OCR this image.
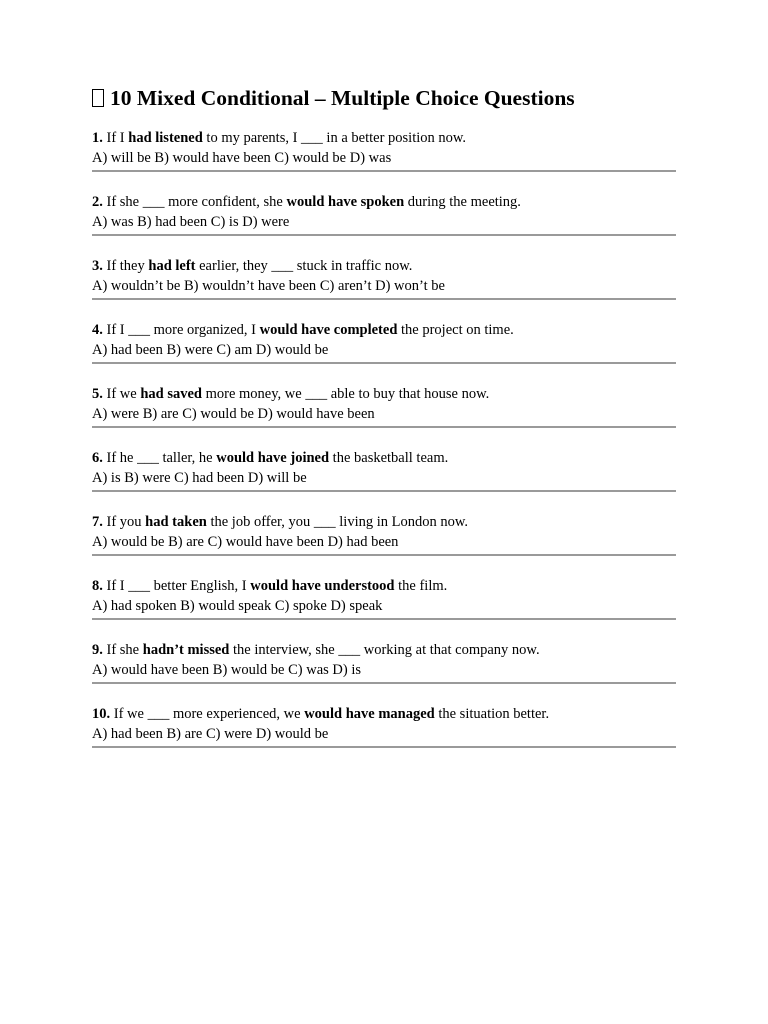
10 Mixed Conditional – Multiple Choice Questions
1. If I had listened to my parents, I ___ in a better position now.
A) will be B) would have been C) would be D) was
2. If she ___ more confident, she would have spoken during the meeting.
A) was B) had been C) is D) were
3. If they had left earlier, they ___ stuck in traffic now.
A) wouldn’t be B) wouldn’t have been C) aren’t D) won’t be
4. If I ___ more organized, I would have completed the project on time.
A) had been B) were C) am D) would be
5. If we had saved more money, we ___ able to buy that house now.
A) were B) are C) would be D) would have been
6. If he ___ taller, he would have joined the basketball team.
A) is B) were C) had been D) will be
7. If you had taken the job offer, you ___ living in London now.
A) would be B) are C) would have been D) had been
8. If I ___ better English, I would have understood the film.
A) had spoken B) would speak C) spoke D) speak
9. If she hadn’t missed the interview, she ___ working at that company now.
A) would have been B) would be C) was D) is
10. If we ___ more experienced, we would have managed the situation better.
A) had been B) are C) were D) would be
